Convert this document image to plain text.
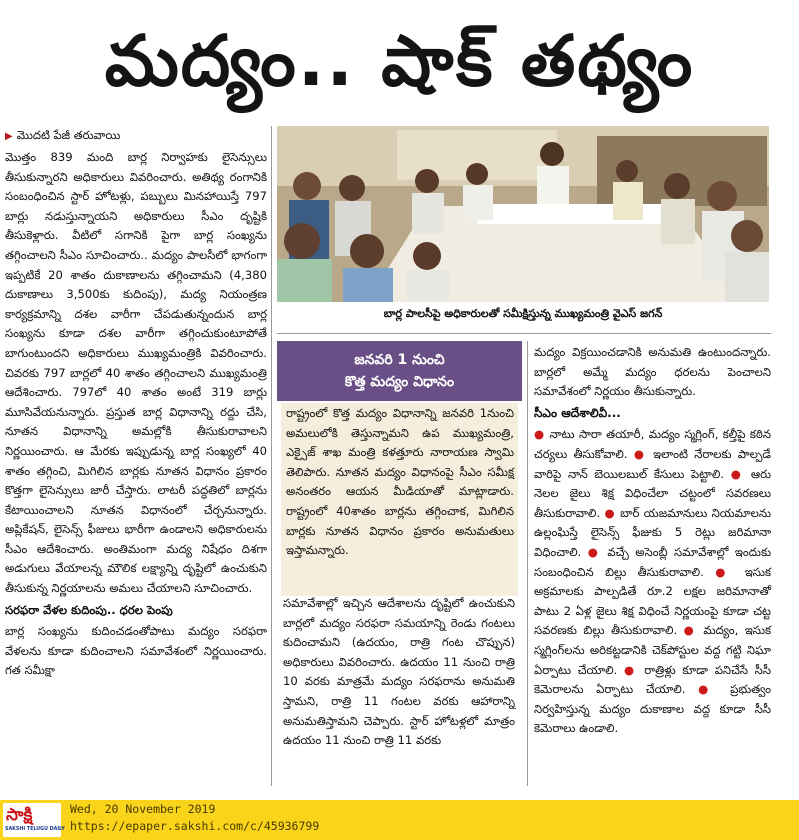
మద్యం.. షాక్ తథ్యం
▶ మొదటి పేజీ తరువాయి

మొత్తం 839 మంది బార్ల నిర్వాహకు లైసెన్సులు తీసుకున్నారని అధికారులు వివరించారు. అతిథ్య రంగానికి సంబంధించిన స్టార్ హోటళ్లు, పబ్బులు మినహాయిస్తే 797 బార్లు నడుస్తున్నాయని అధికారులు సీఎం దృష్టికి తీసుకెళ్లారు. వీటిలో సగానికి పైగా బార్ల సంఖ్యను తగ్గించాలని సీఎం సూచించారు.. మద్యం పాలసీలో భాగంగా ఇప్పటికే 20 శాతం దుకాణాలను తగ్గించామని (4,380 దుకాణాలు 3,500కు కుదింపు), మద్య నియంత్రణ కార్యక్రమాన్ని దశల వారీగా చేపడుతున్నందున బార్ల సంఖ్యను కూడా దశల వారీగా తగ్గించుకుంటూపోతే బాగుంటుందని అధికారులు ముఖ్యమంత్రికి వివరించారు. చివరకు 797 బార్లలో 40 శాతం తగ్గించాలని ముఖ్యమంత్రి ఆదేశించారు. 797లో 40 శాతం అంటే 319 బార్లు మూసివేయనున్నారు. ప్రస్తుత బార్ల విధానాన్ని రద్దు చేసి, నూతన విధానాన్ని అమల్లోకి తీసుకురావాలని నిర్ణయించారు. ఆ మేరకు ఇప్పుడున్న బార్ల సంఖ్యలో 40 శాతం తగ్గించి, మిగిలిన బార్లకు నూతన విధానం ప్రకారం కొత్తగా లైసెన్సులు జారీ చేస్తారు. లాటరీ పద్ధతిలో బార్లను కేటాయించాలని నూతన విధానంలో చేర్చనున్నారు. అప్లికేషన్, లైసెన్స్ ఫీజులు భారీగా ఉండాలని అధికారులను సీఎం ఆదేశించారు. అంతిమంగా మద్య నిషేధం దిశగా అడుగులు వేయాలన్న మౌలిక లక్ష్యాన్ని దృష్టిలో ఉంచుకుని తీసుకున్న నిర్ణయాలను అమలు చేయాలని సూచించారు.

సరఫరా వేళల కుదింపు.. ధరల పెంపు

బార్ల సంఖ్యను కుదించడంతోపాటు మద్యం సరఫరా వేళలను కూడా కుదించాలని సమావేశంలో నిర్ణయించారు. గత సమీక్షా

బార్ల పాలసీపై అధికారులతో సమీక్షిస్తున్న ముఖ్యమంత్రి వైఎస్ జగన్
జనవరి 1 నుంచి
కొత్త మద్యం విధానం

రాష్ట్రంలో కొత్త మద్యం విధానాన్ని జనవరి 1నుంచి అమలులోకి తెస్తున్నామని ఉప ముఖ్యమంత్రి, ఎక్సైజ్ శాఖ మంత్రి కళత్తూరు నారాయణ స్వామి తెలిపారు. నూతన మద్యం విధానంపై సీఎం సమీక్ష అనంతరం ఆయన మీడియాతో మాట్లాడారు. రాష్ట్రంలో 40శాతం బార్లను తగ్గించాక, మిగిలిన బార్లకు నూతన విధానం ప్రకారం అనుమతులు ఇస్తామన్నారు.

సమావేశాల్లో ఇచ్చిన ఆదేశాలను దృష్టిలో ఉంచుకుని బార్లలో మద్యం సరఫరా సమయాన్ని రెండు గంటలు కుదించామని (ఉదయం, రాత్రి గంట చొప్పున) అధికారులు వివరించారు. ఉదయం 11 నుంచి రాత్రి 10 వరకు మాత్రమే మద్యం సరఫరాను అనుమతి స్తామని, రాత్రి 11 గంటల వరకు ఆహారాన్ని అనుమతిస్తామని చెప్పారు. స్టార్ హోటళ్లలో మాత్రం ఉదయం 11 నుంచి రాత్రి 11 వరకు

మద్యం విక్రయించడానికి అనుమతి ఉంటుందన్నారు. బార్లలో అమ్మే మద్యం ధరలను పెంచాలని సమావేశంలో నిర్ణయం తీసుకున్నారు.

సీఎం ఆదేశాలివీ...

● నాటు సారా తయారీ, మద్యం స్మగ్లింగ్, కల్తీపై కఠిన చర్యలు తీసుకోవాలి. ● ఇలాంటి నేరాలకు పాల్పడే వారిపై నాన్ బెయిలబుల్ కేసులు పెట్టాలి. ● ఆరు నెలల జైలు శిక్ష విధించేలా చట్టంలో సవరణలు తీసుకురావాలి. ● బార్ యజమానులు నియమాలను ఉల్లంఘిస్తే లైసెన్స్ ఫీజుకు 5 రెట్లు జరిమానా విధించాలి. ● వచ్చే అసెంబ్లీ సమావేశాల్లో ఇందుకు సంబంధించిన బిల్లు తీసుకురావాలి. ● ఇసుక అక్రమాలకు పాల్పడితే రూ.2 లక్షల జరిమానాతో పాటు 2 ఏళ్ల జైలు శిక్ష విధించే నిర్ణయంపై కూడా చట్ట సవరణకు బిల్లు తీసుకురావాలి. ● మద్యం, ఇసుక స్మగ్లింగ్‌లను అరికట్టడానికి చెక్‌పోస్టుల వద్ద గట్టి నిఘా ఏర్పాటు చేయాలి. ● రాత్రిళ్లు కూడా పనిచేసే సీసీ కెమెరాలను ఏర్పాటు చేయాలి. ● ప్రభుత్వం నిర్వహిస్తున్న మద్యం దుకాణాల వద్ద కూడా సీసీ కెమెరాలు ఉండాలి.

సాక్షి
SAKSHI TELUGU DAILY
Wed, 20 November 2019
https://epaper.sakshi.com/c/45936799
